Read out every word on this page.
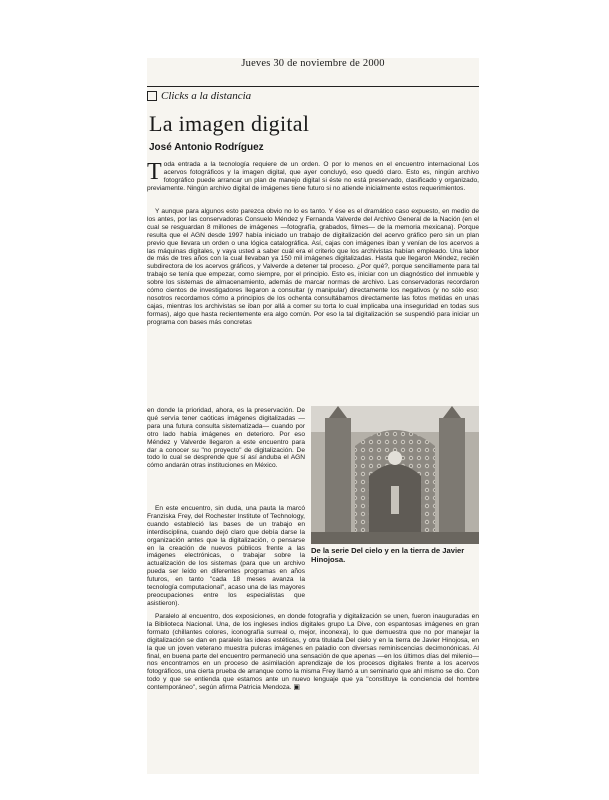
Jueves 30 de noviembre de 2000
Clicks a la distancia
La imagen digital
José Antonio Rodríguez

Toda entrada a la tecnología requiere de un orden. O por lo menos en el encuentro internacional Los acervos fotográficos y la imagen digital, que ayer concluyó, eso quedó claro. Esto es, ningún archivo fotográfico puede arrancar un plan de manejo digital si éste no está preservado, clasificado y organizado, previamente. Ningún archivo digital de imágenes tiene futuro si no atiende inicialmente estos requerimientos.

Y aunque para algunos esto parezca obvio no lo es tanto. Y ése es el dramático caso expuesto, en medio de los antes, por las conservadoras Consuelo Méndez y Fernanda Valverde del Archivo General de la Nación (en el cual se resguardan 8 millones de imágenes —fotografía, grabados, filmes— de la memoria mexicana). Porque resulta que el AGN desde 1997 había iniciado un trabajo de digitalización del acervo gráfico pero sin un plan previo que llevara un orden o una lógica catalográfica. Así, cajas con imágenes iban y venían de los acervos a las máquinas digitales, y vaya usted a saber cuál era el criterio que los archivistas habían empleado. Una labor de más de tres años con la cual llevaban ya 150 mil imágenes digitalizadas. Hasta que llegaron Méndez, recién subdirectora de los acervos gráficos, y Valverde a detener tal proceso. ¿Por qué?, porque sencillamente para tal trabajo se tenía que empezar, como siempre, por el principio. Esto es, iniciar con un diagnóstico del inmueble y sobre los sistemas de almacenamiento, además de marcar normas de archivo. Las conservadoras recordaron cómo cientos de investigadores llegaron a consultar (y manipular) directamente los negativos (y no sólo eso: nosotros recordamos cómo a principios de los ochenta consultábamos directamente las fotos metidas en unas cajas, mientras los archivistas se iban por allá a comer su torta lo cual implicaba una inseguridad en todas sus formas), algo que hasta recientemente era algo común. Por eso la tal digitalización se suspendió para iniciar un programa con bases más concretas

en donde la prioridad, ahora, es la preservación. De qué servía tener caóticas imágenes digitalizadas —para una futura consulta sistematizada— cuando por otro lado había imágenes en deterioro. Por eso Méndez y Valverde llegaron a este encuentro para dar a conocer su "no proyecto" de digitalización. De todo lo cual se desprende que sí así anduba el AGN cómo andarán otras instituciones en México.

En este encuentro, sin duda, una pauta la marcó Franziska Frey, del Rochester Institute of Technology, cuando estableció las bases de un trabajo en interdisciplina, cuando dejó claro que debía darse la organización antes que la digitalización, o pensarse en la creación de nuevos públicos frente a las imágenes electrónicas, o trabajar sobre la actualización de los sistemas (para que un archivo pueda ser leído en diferentes programas en años futuros, en tanto "cada 18 meses avanza la tecnología computacional", acaso una de las mayores preocupaciones entre los especialistas que asistieron).

Paralelo al encuentro, dos exposiciones, en donde fotografía y digitalización se unen, fueron inauguradas en la Biblioteca Nacional. Una, de los ingleses indios digitales grupo La Dive, con espantosas imágenes en gran formato (chillantes colores, iconografía surreal o, mejor, inconexa), lo que demuestra que no por manejar la digitalización se dan en paralelo las ideas estéticas, y otra titulada Del cielo y en la tierra de Javier Hinojosa, en la que un joven veterano muestra pulcras imágenes en paladio con diversas reminiscencias decimonónicas. Al final, en buena parte del encuentro permaneció una sensación de que apenas —en los últimos días del milenio— nos encontramos en un proceso de asimilación aprendizaje de los procesos digitales frente a los acervos fotográficos, una cierta prueba de arranque como la misma Frey llamó a un seminario que ahí mismo se dio. Con todo y que se entienda que estamos ante un nuevo lenguaje que ya "constituye la conciencia del hombre contemporáneo", según afirma Patricia Mendoza. ▣

De la serie Del cielo y en la tierra de Javier Hinojosa.
